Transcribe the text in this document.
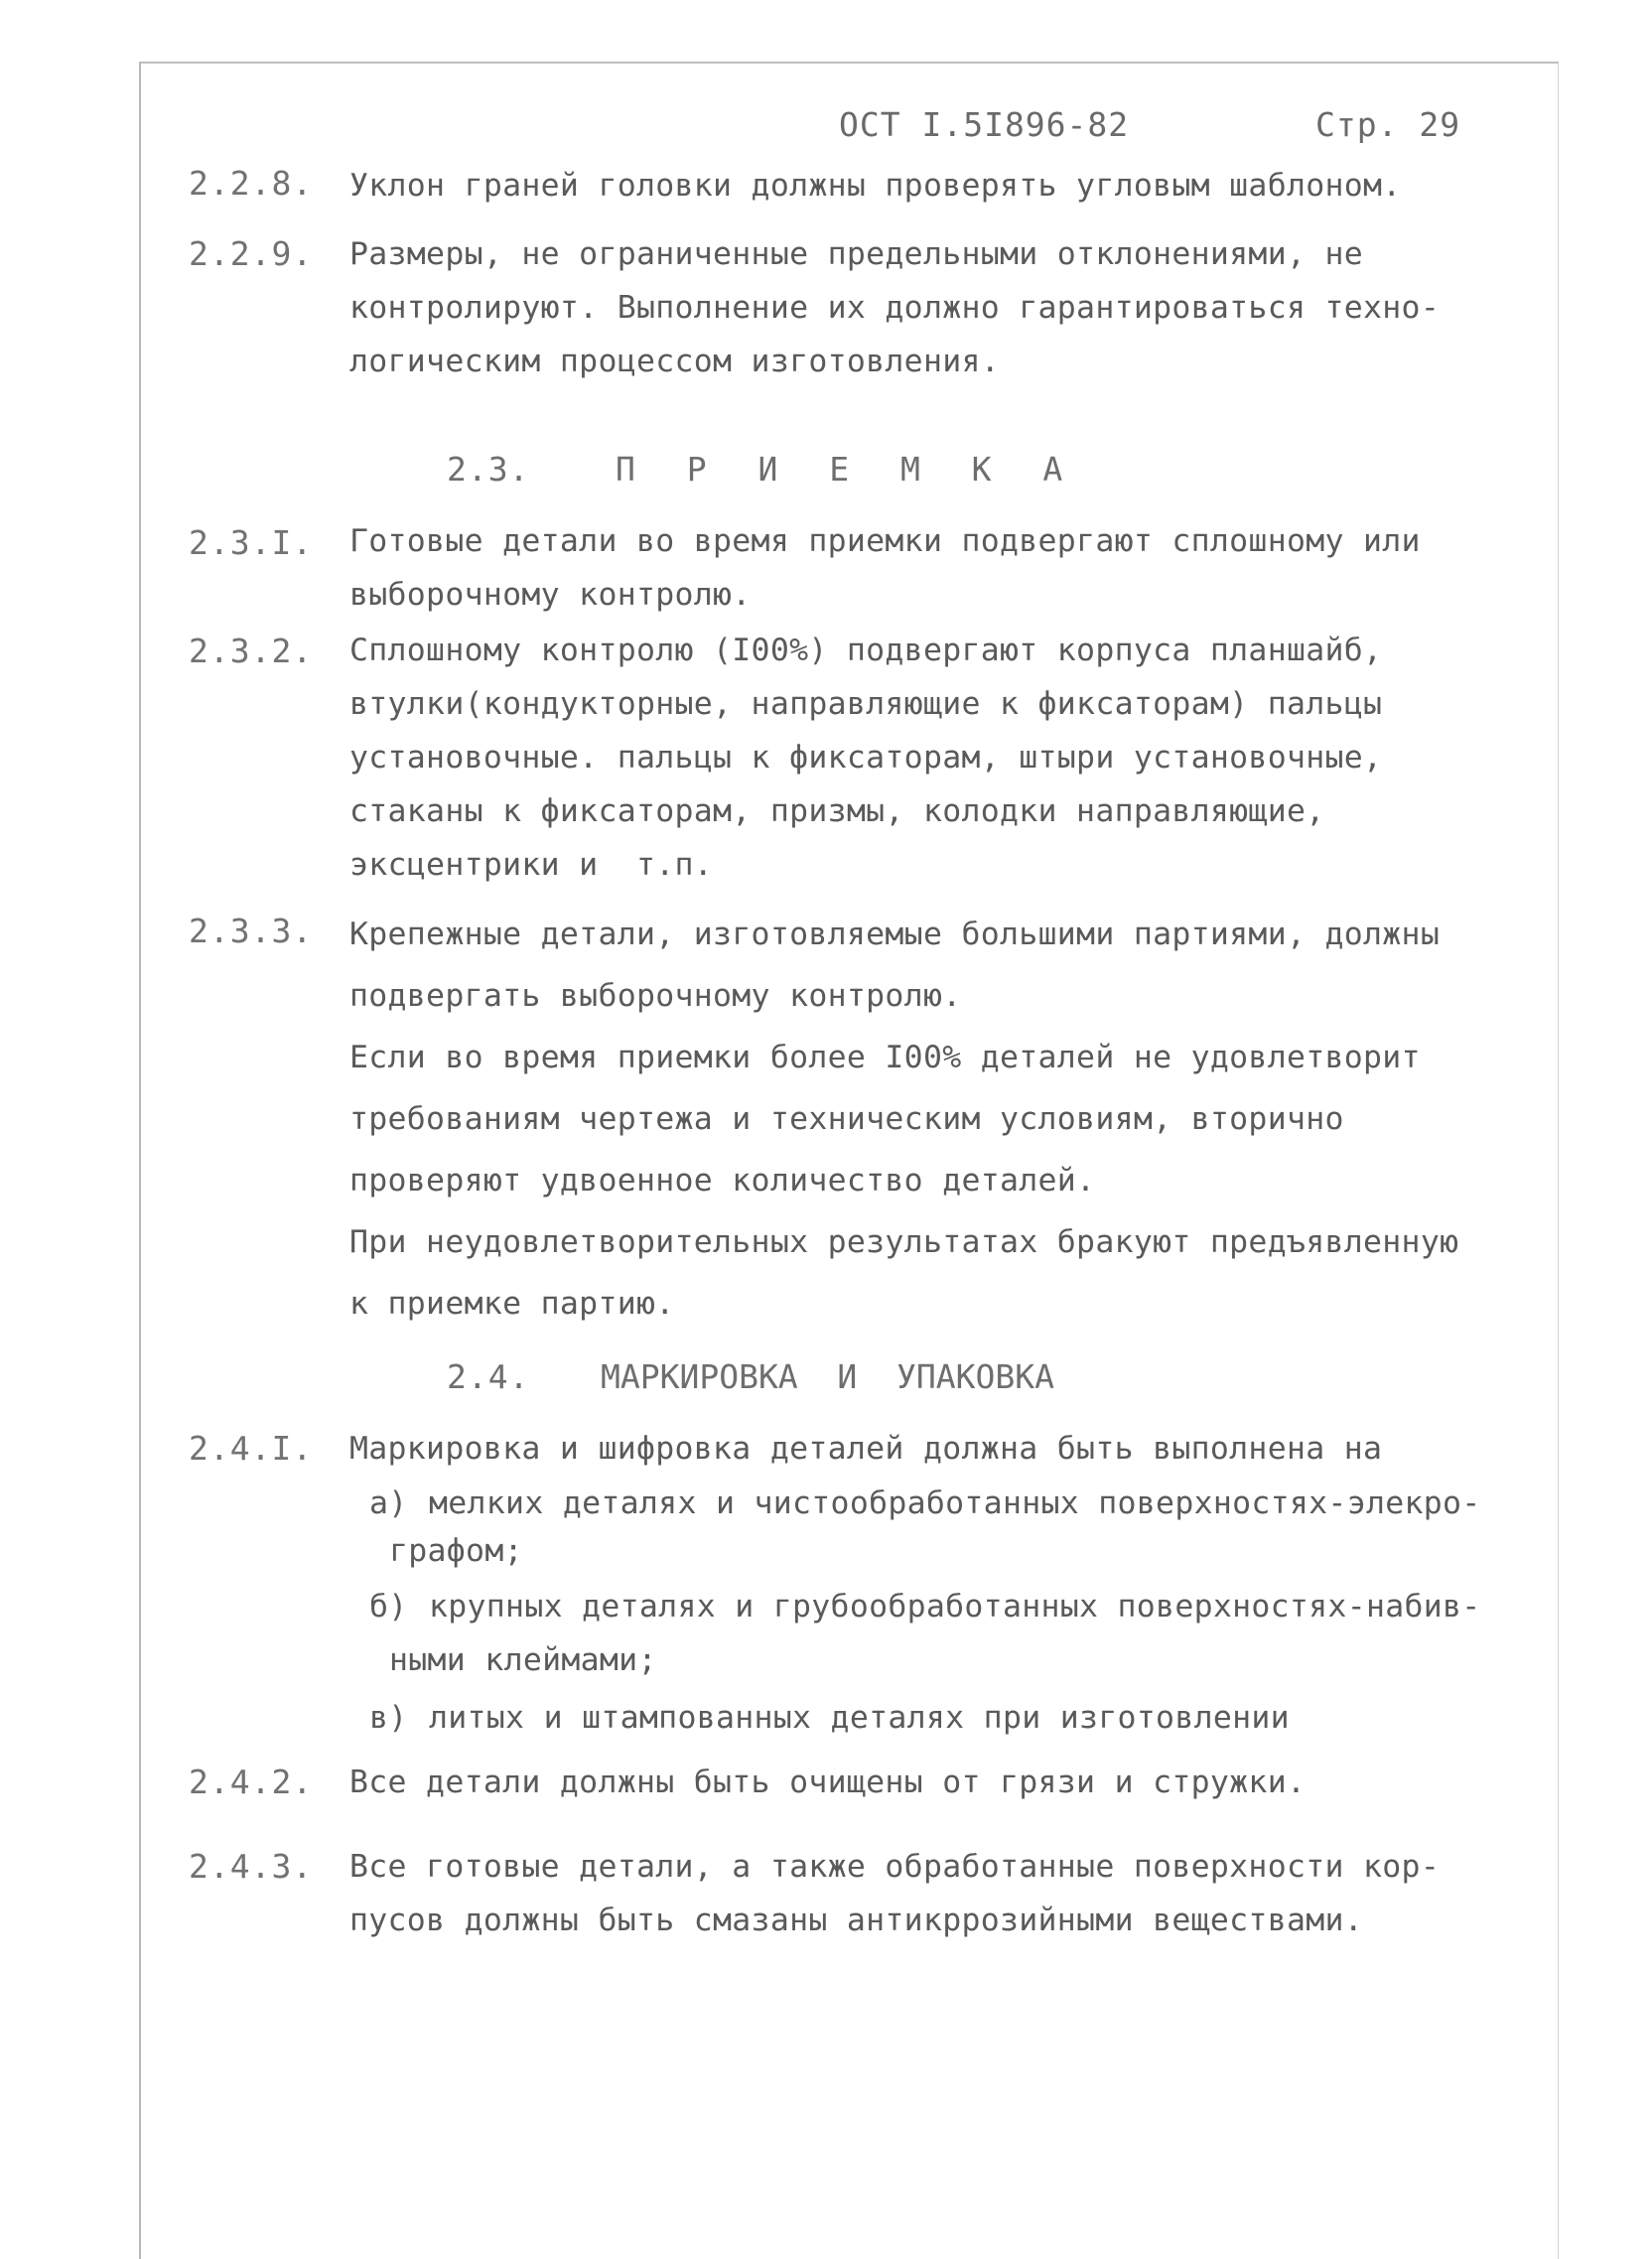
ОСТ I.5I896-82	Стр. 29
2.2.8. Уклон граней головки должны проверять угловым шаблоном.
2.2.9. Размеры, не ограниченные предельными отклонениями, не
контролируют. Выполнение их должно гарантироваться техно-
логическим процессом изготовления.
2.3.	П Р И Е М К А
2.3.I. Готовые детали во время приемки подвергают сплошному или
выборочному контролю.
2.3.2. Сплошному контролю (I00%) подвергают корпуса планшайб,
втулки(кондукторные, направляющие к фиксаторам) пальцы
установочные. пальцы к фиксаторам, штыри установочные,
стаканы к фиксаторам, призмы, колодки направляющие,
эксцентрики и  т.п.
2.3.3. Крепежные детали, изготовляемые большими партиями, должны
подвергать выборочному контролю.
Если во время приемки более I00% деталей не удовлетворит
требованиям чертежа и техническим условиям, вторично
проверяют удвоенное количество деталей.
При неудовлетворительных результатах бракуют предъявленную
к приемке партию.
2.4. МАРКИРОВКА  И  УПАКОВКА
2.4.I. Маркировка и шифровка деталей должна быть выполнена на
а) мелких деталях и чистообработанных поверхностях-элекро-
графом;
б) крупных деталях и грубообработанных поверхностях-набив-
ными клеймами;
в) литых и штампованных деталях при изготовлении
2.4.2. Все детали должны быть очищены от грязи и стружки.
2.4.3. Все готовые детали, а также обработанные поверхности кор-
пусов должны быть смазаны антикррозийными веществами.
